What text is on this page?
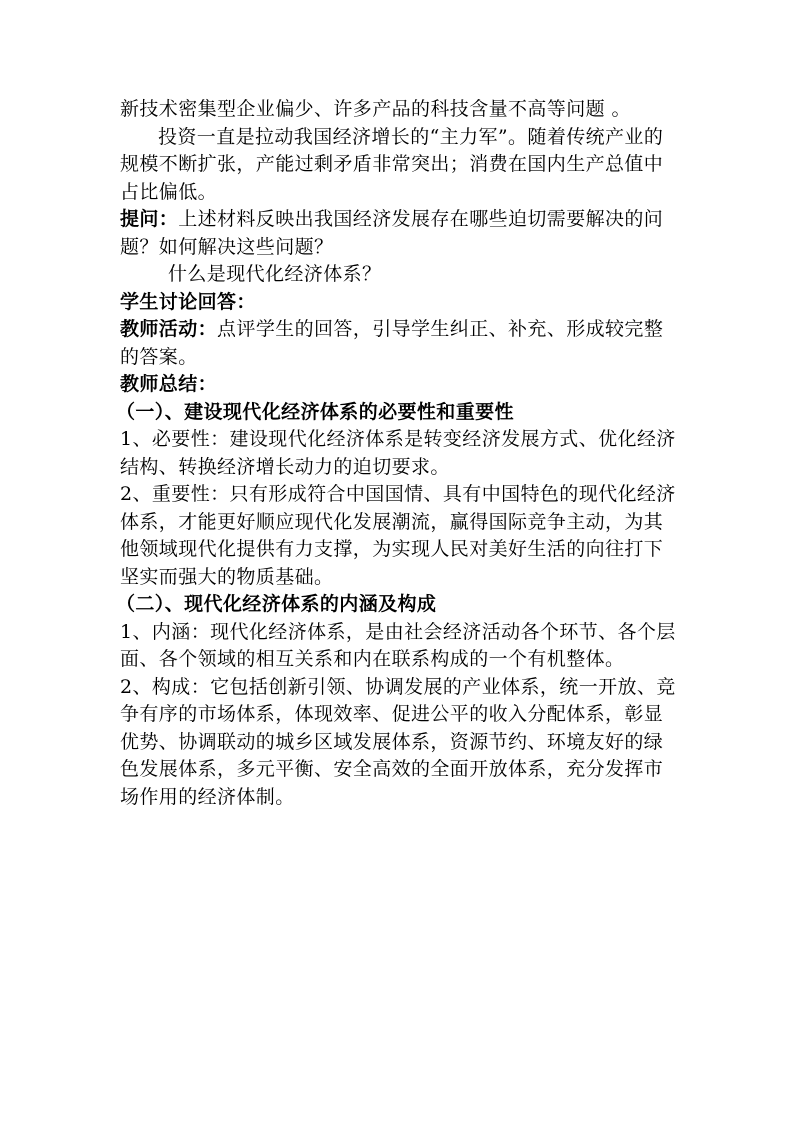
新技术密集型企业偏少、许多产品的科技含量不高等问题 。

投资一直是拉动我国经济增长的“主力军”。随着传统产业的规模不断扩张，产能过剩矛盾非常突出；消费在国内生产总值中占比偏低。

提问：上述材料反映出我国经济发展存在哪些迫切需要解决的问题？如何解决这些问题？

什么是现代化经济体系？

学生讨论回答：

教师活动：点评学生的回答，引导学生纠正、补充、形成较完整的答案。

教师总结：

（一）、建设现代化经济体系的必要性和重要性

1、必要性：建设现代化经济体系是转变经济发展方式、优化经济结构、转换经济增长动力的迫切要求。

2、重要性：只有形成符合中国国情、具有中国特色的现代化经济体系，才能更好顺应现代化发展潮流，赢得国际竞争主动，为其他领域现代化提供有力支撑，为实现人民对美好生活的向往打下坚实而强大的物质基础。

（二）、现代化经济体系的内涵及构成

1、内涵：现代化经济体系，是由社会经济活动各个环节、各个层面、各个领域的相互关系和内在联系构成的一个有机整体。

2、构成：它包括创新引领、协调发展的产业体系，统一开放、竞争有序的市场体系，体现效率、促进公平的收入分配体系，彰显优势、协调联动的城乡区域发展体系，资源节约、环境友好的绿色发展体系，多元平衡、安全高效的全面开放体系，充分发挥市场作用的经济体制。
